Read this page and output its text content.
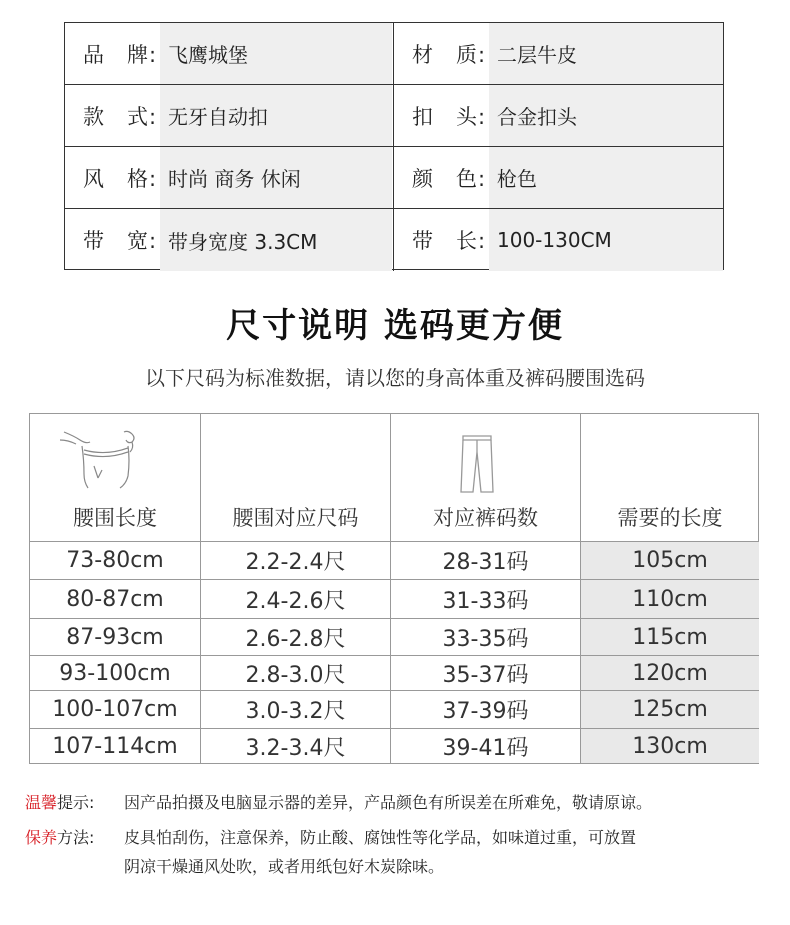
品　牌: 飞鹰城堡	材　质: 二层牛皮
款　式: 无牙自动扣	扣　头: 合金扣头
风　格: 时尚 商务 休闲	颜　色: 枪色
带　宽: 带身宽度 3.3CM	带　长: 100-130CM
尺寸说明 选码更方便
以下尺码为标准数据，请以您的身高体重及裤码腰围选码
腰围长度	腰围对应尺码	对应裤码数	需要的长度
73-80cm	2.2-2.4尺	28-31码	105cm
80-87cm	2.4-2.6尺	31-33码	110cm
87-93cm	2.6-2.8尺	33-35码	115cm
93-100cm	2.8-3.0尺	35-37码	120cm
100-107cm	3.0-3.2尺	37-39码	125cm
107-114cm	3.2-3.4尺	39-41码	130cm
温馨提示: 因产品拍摄及电脑显示器的差异，产品颜色有所误差在所难免，敬请原谅。
保养方法: 皮具怕刮伤，注意保养，防止酸、腐蚀性等化学品，如味道过重，可放置
阴凉干燥通风处吹，或者用纸包好木炭除味。
